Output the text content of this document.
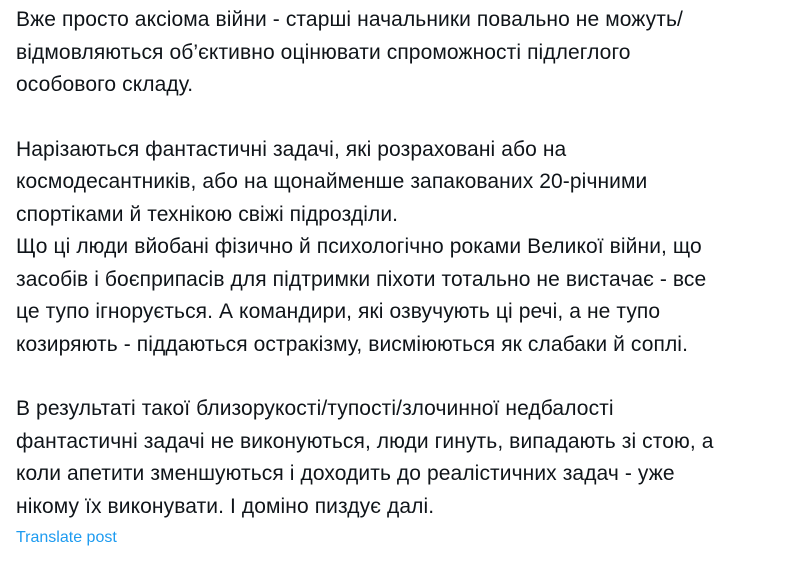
Вже просто аксіома війни - старші начальники повально не можуть/
відмовляються об’єктивно оцінювати спроможності підлеглого
особового складу.
Нарізаються фантастичні задачі, які розраховані або на
космодесантників, або на щонайменше запакованих 20-річними
спортіками й технікою свіжі підрозділи.
Що ці люди вйобані фізично й психологічно роками Великої війни, що
засобів і боєприпасів для підтримки піхоти тотально не вистачає - все
це тупо ігнорується. А командири, які озвучують ці речі, а не тупо
козиряють - піддаються остракізму, висміюються як слабаки й соплі.
В результаті такої близорукості/тупості/злочинної недбалості
фантастичні задачі не виконуються, люди гинуть, випадають зі стою, а
коли апетити зменшуються і доходить до реалістичних задач - уже
нікому їх виконувати. І доміно пиздує далі.
Translate post
